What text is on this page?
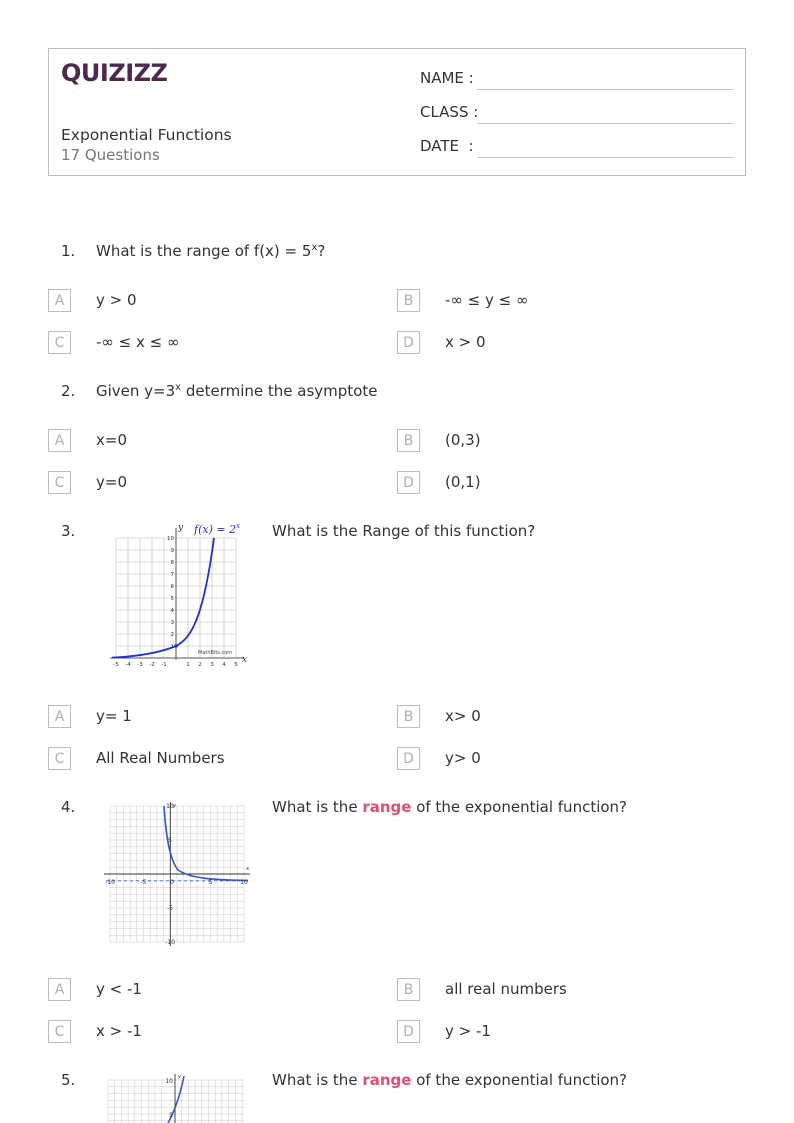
QUIZIZZ
Exponential Functions
17 Questions
NAME :
CLASS :
DATE  :
1. What is the range of $f(x) = 5^x$?
A	y > 0	B	-∞ ≤ y ≤ ∞
C	-∞ ≤ x ≤ ∞	D	x > 0
2. Given $y=3^x$ determine the asymptote
A	x=0	B	(0,3)
C	y=0	D	(0,1)
3.	What is the Range of this function?
y
x
f(x) = 2 x
MathBits.com
-5 -4 -3 -2 -1	1 2 3 4 5
1
2
3
4
5
6
7
8
9
10
A	y= 1	B	x> 0
C	All Real Numbers	D	y> 0
4.	What is the range of the exponential function?
y
x
-10	-5	0	5	10
10
5
-5
-10
A	y < -1	B	all real numbers
C	x > -1	D	y > -1
5.	What is the range of the exponential function?
y
10
5
